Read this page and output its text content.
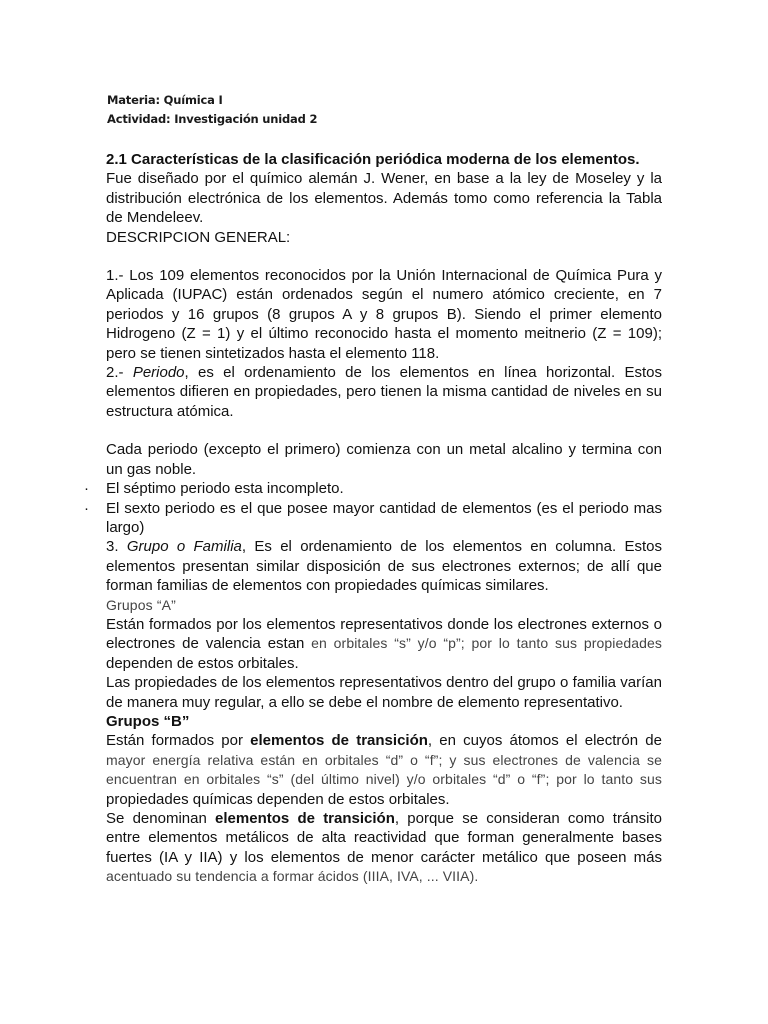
Materia: Química I

Actividad: Investigación unidad 2

2.1 Características de la clasificación periódica moderna de los elementos.

Fue diseñado por el químico alemán J. Wener, en base a la ley de Moseley y la distribución electrónica de los elementos. Además tomo como referencia la Tabla de Mendeleev.

DESCRIPCION GENERAL:

1.- Los 109 elementos reconocidos por la Unión Internacional de Química Pura y Aplicada (IUPAC) están ordenados según el numero atómico creciente, en 7 periodos y 16 grupos (8 grupos A y 8 grupos B). Siendo el primer elemento Hidrogeno (Z = 1) y el último reconocido hasta el momento meitnerio (Z = 109); pero se tienen sintetizados hasta el elemento 118.

2.- Periodo, es el ordenamiento de los elementos en línea horizontal. Estos elementos difieren en propiedades, pero tienen la misma cantidad de niveles en su estructura atómica.

Cada periodo (excepto el primero) comienza con un metal alcalino y termina con un gas noble.

· El séptimo periodo esta incompleto.

· El sexto periodo es el que posee mayor cantidad de elementos (es el periodo mas largo)

3. Grupo o Familia, Es el ordenamiento de los elementos en columna. Estos elementos presentan similar disposición de sus electrones externos; de allí que forman familias de elementos con propiedades químicas similares.

Grupos “A”

Están formados por los elementos representativos donde los electrones externos o electrones de valencia estan en orbitales “s” y/o “p”; por lo tanto sus propiedades dependen de estos orbitales.

Las propiedades de los elementos representativos dentro del grupo o familia varían de manera muy regular, a ello se debe el nombre de elemento representativo.

Grupos “B”

Están formados por elementos de transición, en cuyos átomos el electrón de mayor energía relativa están en orbitales “d” o “f”; y sus electrones de valencia se encuentran en orbitales “s” (del último nivel) y/o orbitales “d” o “f”; por lo tanto sus propiedades químicas dependen de estos orbitales.

Se denominan elementos de transición, porque se consideran como tránsito entre elementos metálicos de alta reactividad que forman generalmente bases fuertes (IA y IIA) y los elementos de menor carácter metálico que poseen más acentuado su tendencia a formar ácidos (IIIA, IVA, ... VIIA).
